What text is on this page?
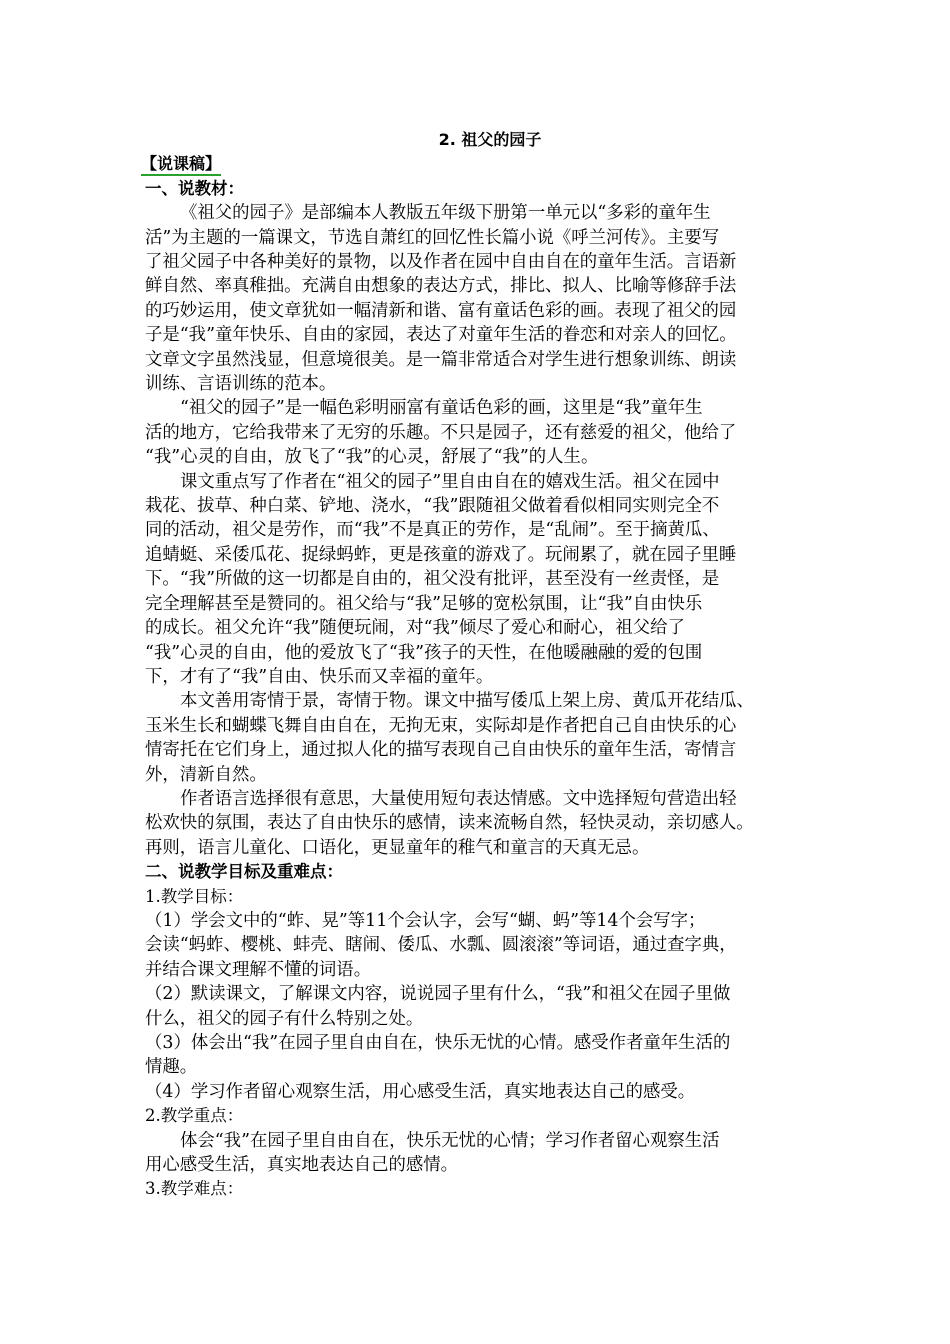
2. 祖父的园子
【说课稿】
一、说教材：
《祖父的园子》是部编本人教版五年级下册第一单元以“多彩的童年生
活”为主题的一篇课文，节选自萧红的回忆性长篇小说《呼兰河传》。主要写
了祖父园子中各种美好的景物，以及作者在园中自由自在的童年生活。言语新
鲜自然、率真稚拙。充满自由想象的表达方式，排比、拟人、比喻等修辞手法
的巧妙运用，使文章犹如一幅清新和谐、富有童话色彩的画。表现了祖父的园
子是“我”童年快乐、自由的家园，表达了对童年生活的眷恋和对亲人的回忆。
文章文字虽然浅显，但意境很美。是一篇非常适合对学生进行想象训练、朗读
训练、言语训练的范本。
“祖父的园子”是一幅色彩明丽富有童话色彩的画，这里是“我”童年生
活的地方，它给我带来了无穷的乐趣。不只是园子，还有慈爱的祖父，他给了
“我”心灵的自由，放飞了“我”的心灵，舒展了“我”的人生。
课文重点写了作者在“祖父的园子”里自由自在的嬉戏生活。祖父在园中
栽花、拔草、种白菜、铲地、浇水，“我”跟随祖父做着看似相同实则完全不
同的活动，祖父是劳作，而“我”不是真正的劳作，是“乱闹”。至于摘黄瓜、
追蜻蜓、采倭瓜花、捉绿蚂蚱，更是孩童的游戏了。玩闹累了，就在园子里睡
下。“我”所做的这一切都是自由的，祖父没有批评，甚至没有一丝责怪，是
完全理解甚至是赞同的。祖父给与“我”足够的宽松氛围，让“我”自由快乐
的成长。祖父允许“我”随便玩闹，对“我”倾尽了爱心和耐心，祖父给了
“我”心灵的自由，他的爱放飞了“我”孩子的天性，在他暖融融的爱的包围
下，才有了“我”自由、快乐而又幸福的童年。
本文善用寄情于景，寄情于物。课文中描写倭瓜上架上房、黄瓜开花结瓜、
玉米生长和蝴蝶飞舞自由自在，无拘无束，实际却是作者把自己自由快乐的心
情寄托在它们身上，通过拟人化的描写表现自己自由快乐的童年生活，寄情言
外，清新自然。
作者语言选择很有意思，大量使用短句表达情感。文中选择短句营造出轻
松欢快的氛围，表达了自由快乐的感情，读来流畅自然，轻快灵动，亲切感人。
再则，语言儿童化、口语化，更显童年的稚气和童言的天真无忌。
二、说教学目标及重难点：
1.教学目标：
（1）学会文中的“蚱、晃”等11个会认字，会写“蝴、蚂”等14个会写字；
会读“蚂蚱、樱桃、蚌壳、瞎闹、倭瓜、水瓢、圆滚滚”等词语，通过查字典，
并结合课文理解不懂的词语。
（2）默读课文，了解课文内容，说说园子里有什么，“我”和祖父在园子里做
什么，祖父的园子有什么特别之处。
（3）体会出“我”在园子里自由自在，快乐无忧的心情。感受作者童年生活的
情趣。
（4）学习作者留心观察生活，用心感受生活，真实地表达自己的感受。
2.教学重点：
体会“我”在园子里自由自在，快乐无忧的心情；学习作者留心观察生活
用心感受生活，真实地表达自己的感情。
3.教学难点：
